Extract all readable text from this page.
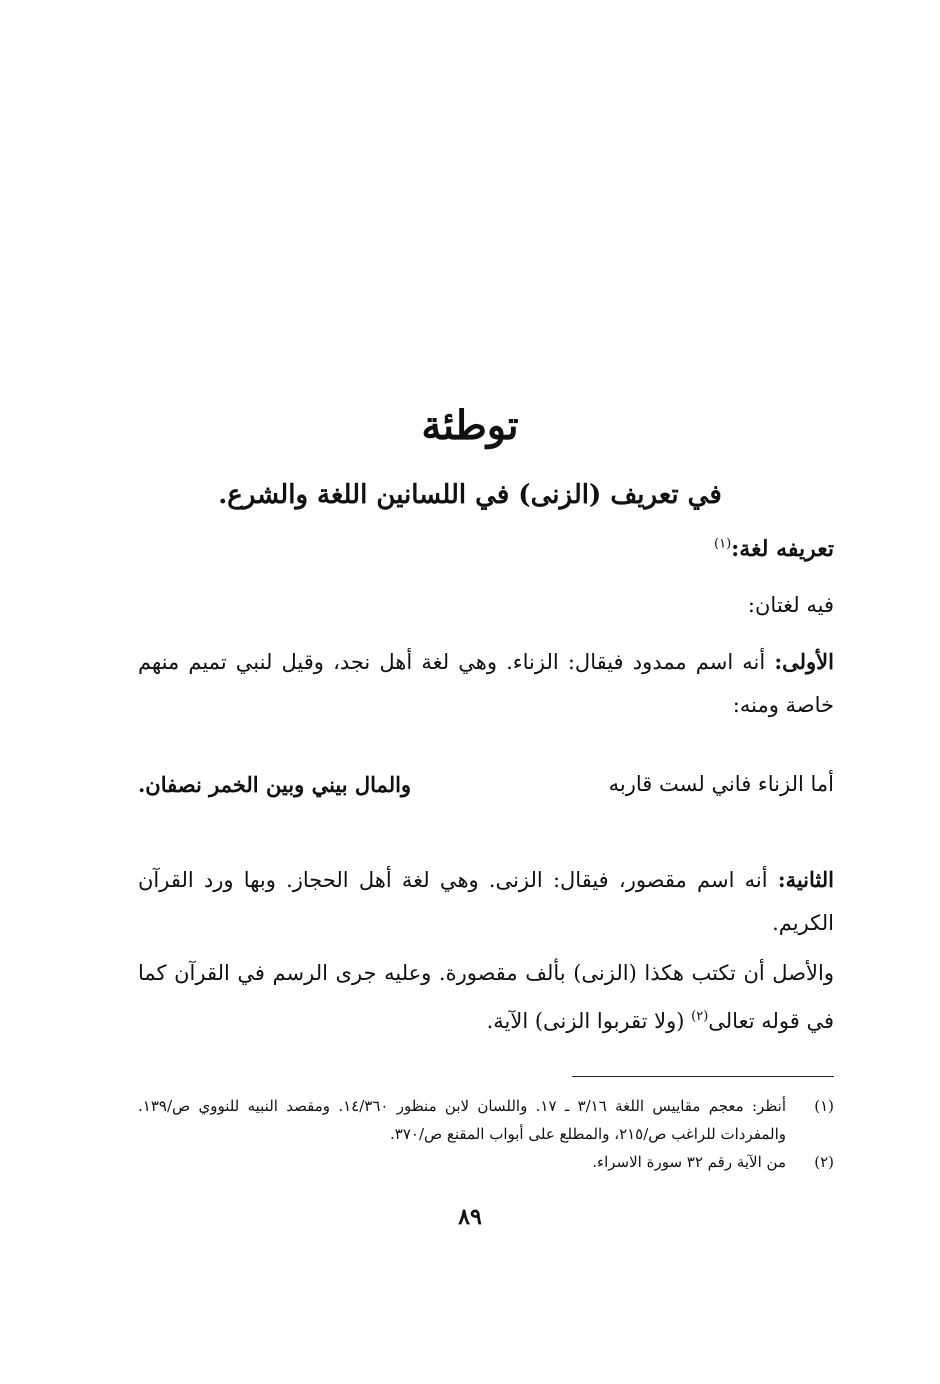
توطئة
في تعريف (الزنى) في اللسانين اللغة والشرع.
تعريفه لغة:$^{(١)}$
فيه لغتان:
الأولى: أنه اسم ممدود فيقال: الزناء. وهي لغة أهل نجد، وقيل لنبي تميم منهم خاصة ومنه:
أما الزناء فاني لست قاربه
والمال بيني وبين الخمر نصفان.
الثانية: أنه اسم مقصور، فيقال: الزنى. وهي لغة أهل الحجاز. وبها ورد القرآن الكريم.
والأصل أن تكتب هكذا (الزنى) بألف مقصورة. وعليه جرى الرسم في القرآن كما في قوله تعالى$^{(٢)}$ (ولا تقربوا الزنى) الآية.
(١)
أنظر: معجم مقاييس اللغة ٣/١٦ ـ ١٧. واللسان لابن منظور ١٤/٣٦٠. ومقصد النبيه للنووي ص/١٣٩. والمفردات للراغب ص/٢١٥، والمطلع على أبواب المقنع ص/٣٧٠.
(٢)
من الآية رقم ٣٢ سورة الاسراء.
٨٩
